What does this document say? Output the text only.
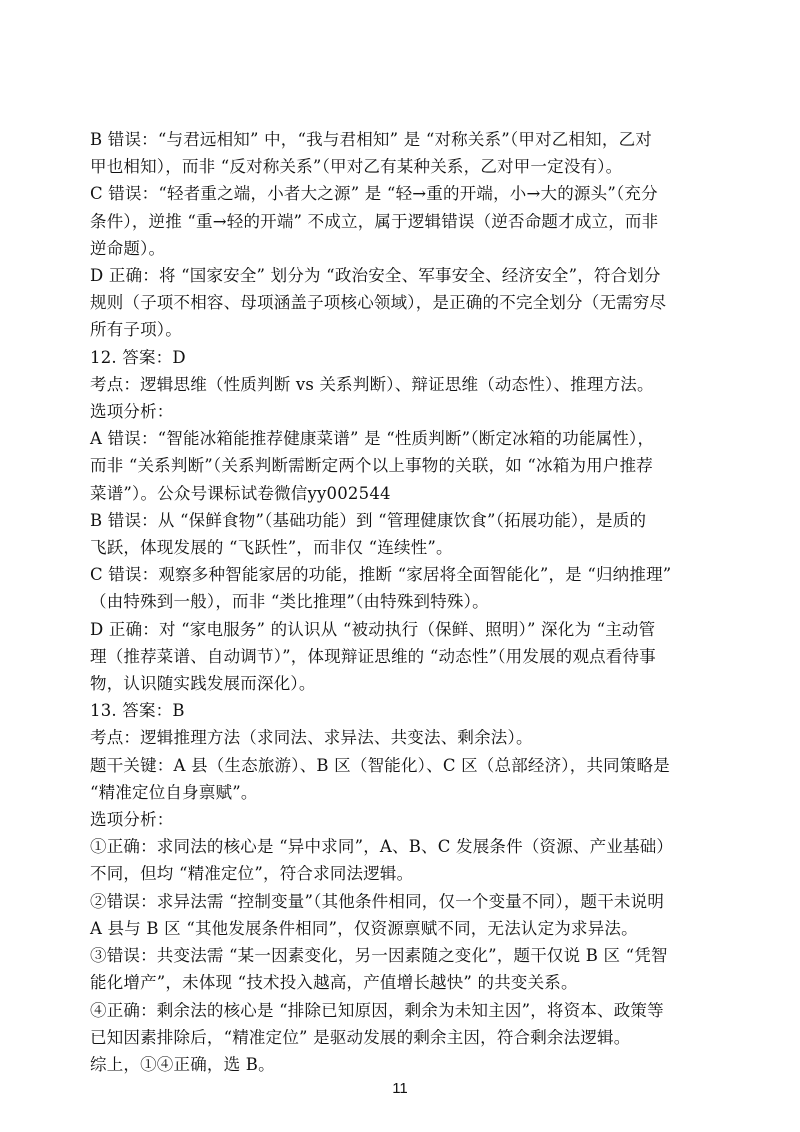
B 错误：“与君远相知” 中，“我与君相知” 是 “对称关系”（甲对乙相知，乙对
甲也相知），而非 “反对称关系”（甲对乙有某种关系，乙对甲一定没有）。
C 错误：“轻者重之端，小者大之源” 是 “轻→重的开端，小→大的源头”（充分
条件），逆推 “重→轻的开端” 不成立，属于逻辑错误（逆否命题才成立，而非
逆命题）。
D 正确：将 “国家安全” 划分为 “政治安全、军事安全、经济安全”，符合划分
规则（子项不相容、母项涵盖子项核心领域），是正确的不完全划分（无需穷尽
所有子项）。
12. 答案：D
考点：逻辑思维（性质判断 vs 关系判断）、辩证思维（动态性）、推理方法。
选项分析：
A 错误：“智能冰箱能推荐健康菜谱” 是 “性质判断”（断定冰箱的功能属性），
而非 “关系判断”（关系判断需断定两个以上事物的关联，如 “冰箱为用户推荐
菜谱”）。公众号课标试卷微信yy002544
B 错误：从 “保鲜食物”（基础功能）到 “管理健康饮食”（拓展功能），是质的
飞跃，体现发展的 “飞跃性”，而非仅 “连续性”。
C 错误：观察多种智能家居的功能，推断 “家居将全面智能化”，是 “归纳推理”
（由特殊到一般），而非 “类比推理”（由特殊到特殊）。
D 正确：对 “家电服务” 的认识从 “被动执行（保鲜、照明）” 深化为 “主动管
理（推荐菜谱、自动调节）”，体现辩证思维的 “动态性”（用发展的观点看待事
物，认识随实践发展而深化）。
13. 答案：B
考点：逻辑推理方法（求同法、求异法、共变法、剩余法）。
题干关键：A 县（生态旅游）、B 区（智能化）、C 区（总部经济），共同策略是
“精准定位自身禀赋”。
选项分析：
①正确：求同法的核心是 “异中求同”，A、B、C 发展条件（资源、产业基础）
不同，但均 “精准定位”，符合求同法逻辑。
②错误：求异法需 “控制变量”（其他条件相同，仅一个变量不同），题干未说明
A 县与 B 区 “其他发展条件相同”，仅资源禀赋不同，无法认定为求异法。
③错误：共变法需 “某一因素变化，另一因素随之变化”，题干仅说 B 区 “凭智
能化增产”，未体现 “技术投入越高，产值增长越快” 的共变关系。
④正确：剩余法的核心是 “排除已知原因，剩余为未知主因”，将资本、政策等
已知因素排除后，“精准定位” 是驱动发展的剩余主因，符合剩余法逻辑。
综上，①④正确，选 B。
11
